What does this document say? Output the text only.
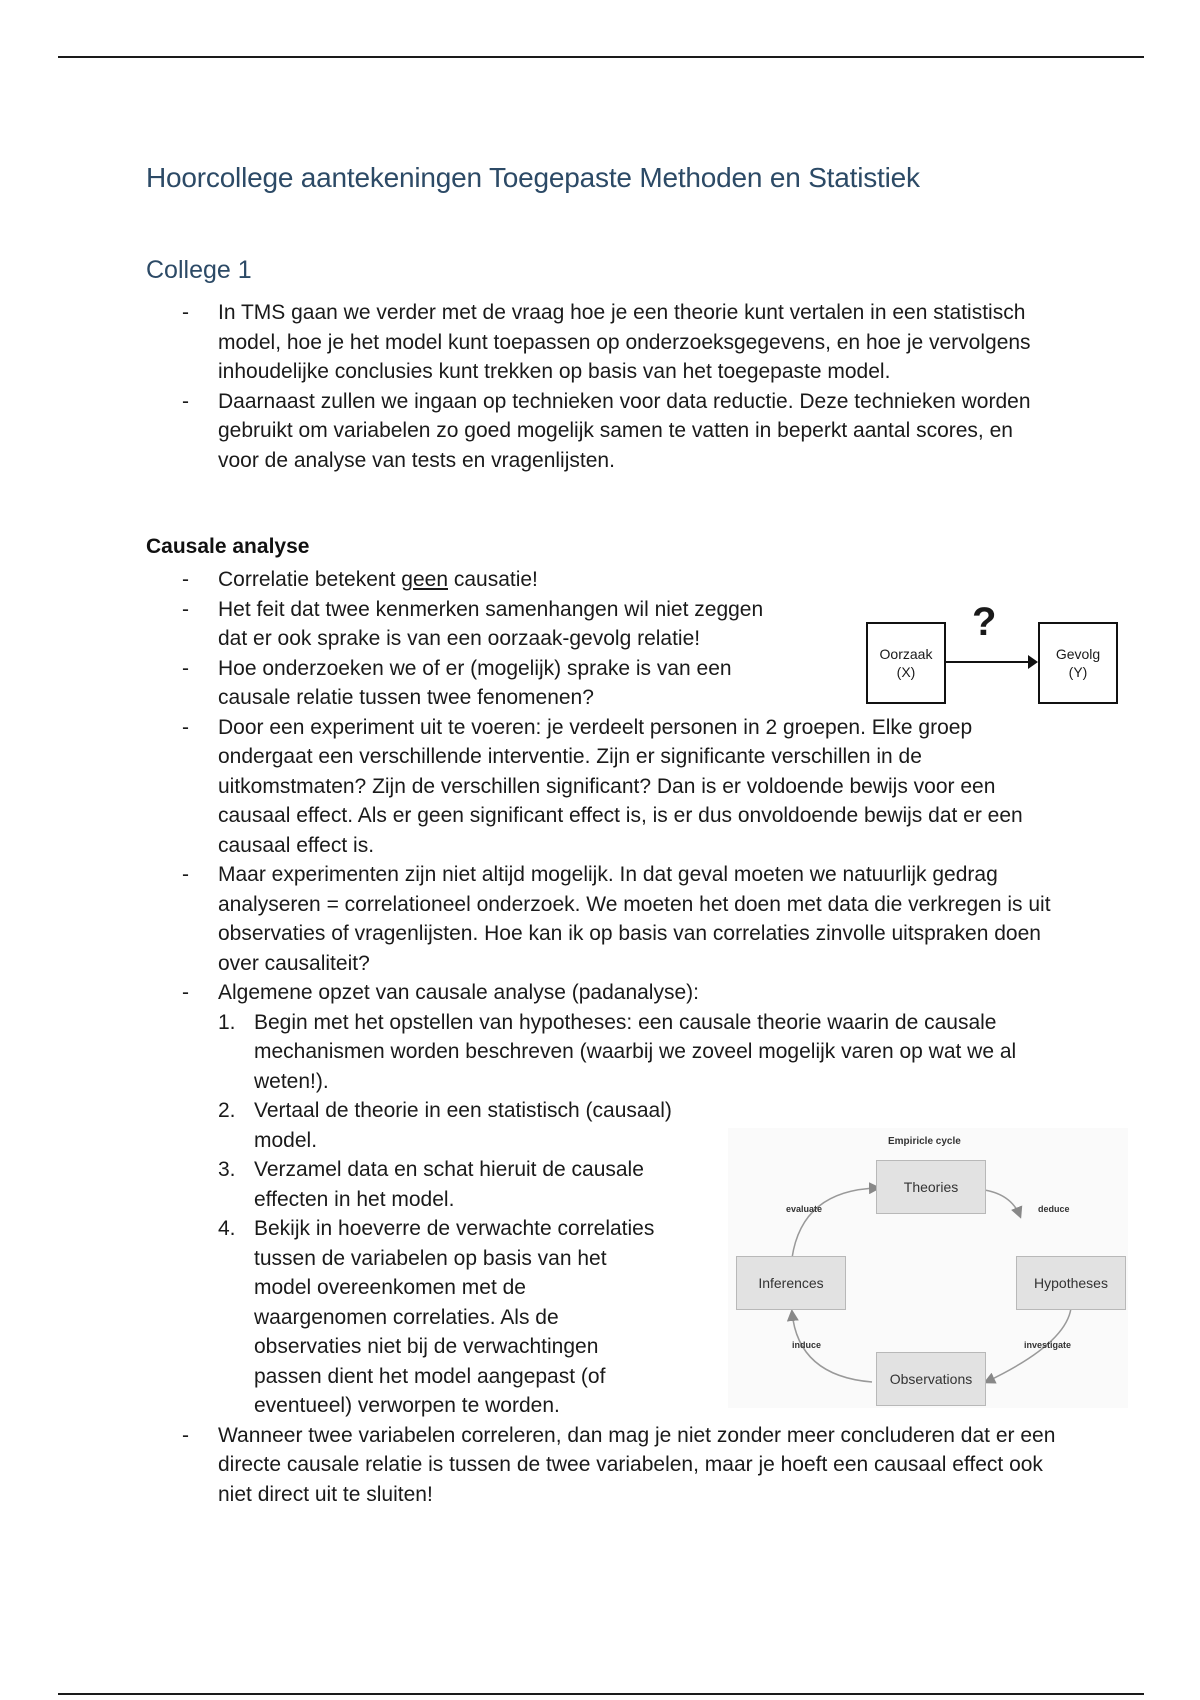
Hoorcollege aantekeningen Toegepaste Methoden en Statistiek
College 1
- In TMS gaan we verder met de vraag hoe je een theorie kunt vertalen in een statistisch model, hoe je het model kunt toepassen op onderzoeksgegevens, en hoe je vervolgens inhoudelijke conclusies kunt trekken op basis van het toegepaste model.
- Daarnaast zullen we ingaan op technieken voor data reductie. Deze technieken worden gebruikt om variabelen zo goed mogelijk samen te vatten in beperkt aantal scores, en voor de analyse van tests en vragenlijsten.
Causale analyse
- Correlatie betekent geen causatie!
- Het feit dat twee kenmerken samenhangen wil niet zeggen dat er ook sprake is van een oorzaak-gevolg relatie!
- Hoe onderzoeken we of er (mogelijk) sprake is van een causale relatie tussen twee fenomenen?
- Door een experiment uit te voeren: je verdeelt personen in 2 groepen. Elke groep ondergaat een verschillende interventie. Zijn er significante verschillen in de uitkomstmaten? Zijn de verschillen significant? Dan is er voldoende bewijs voor een causaal effect. Als er geen significant effect is, is er dus onvoldoende bewijs dat er een causaal effect is.
- Maar experimenten zijn niet altijd mogelijk. In dat geval moeten we natuurlijk gedrag analyseren = correlationeel onderzoek. We moeten het doen met data die verkregen is uit observaties of vragenlijsten. Hoe kan ik op basis van correlaties zinvolle uitspraken doen over causaliteit?
- Algemene opzet van causale analyse (padanalyse):
1. Begin met het opstellen van hypotheses: een causale theorie waarin de causale mechanismen worden beschreven (waarbij we zoveel mogelijk varen op wat we al weten!).
2. Vertaal de theorie in een statistisch (causaal) model.
3. Verzamel data en schat hieruit de causale effecten in het model.
4. Bekijk in hoeverre de verwachte correlaties tussen de variabelen op basis van het model overeenkomen met de waargenomen correlaties. Als de observaties niet bij de verwachtingen passen dient het model aangepast (of eventueel) verworpen te worden.
- Wanneer twee variabelen correleren, dan mag je niet zonder meer concluderen dat er een directe causale relatie is tussen de twee variabelen, maar je hoeft een causaal effect ook niet direct uit te sluiten!
?
Oorzaak
(X)
Gevolg
(Y)
Empiricle cycle
Theories
Hypotheses
Observations
Inferences
deduce
investigate
induce
evaluate
